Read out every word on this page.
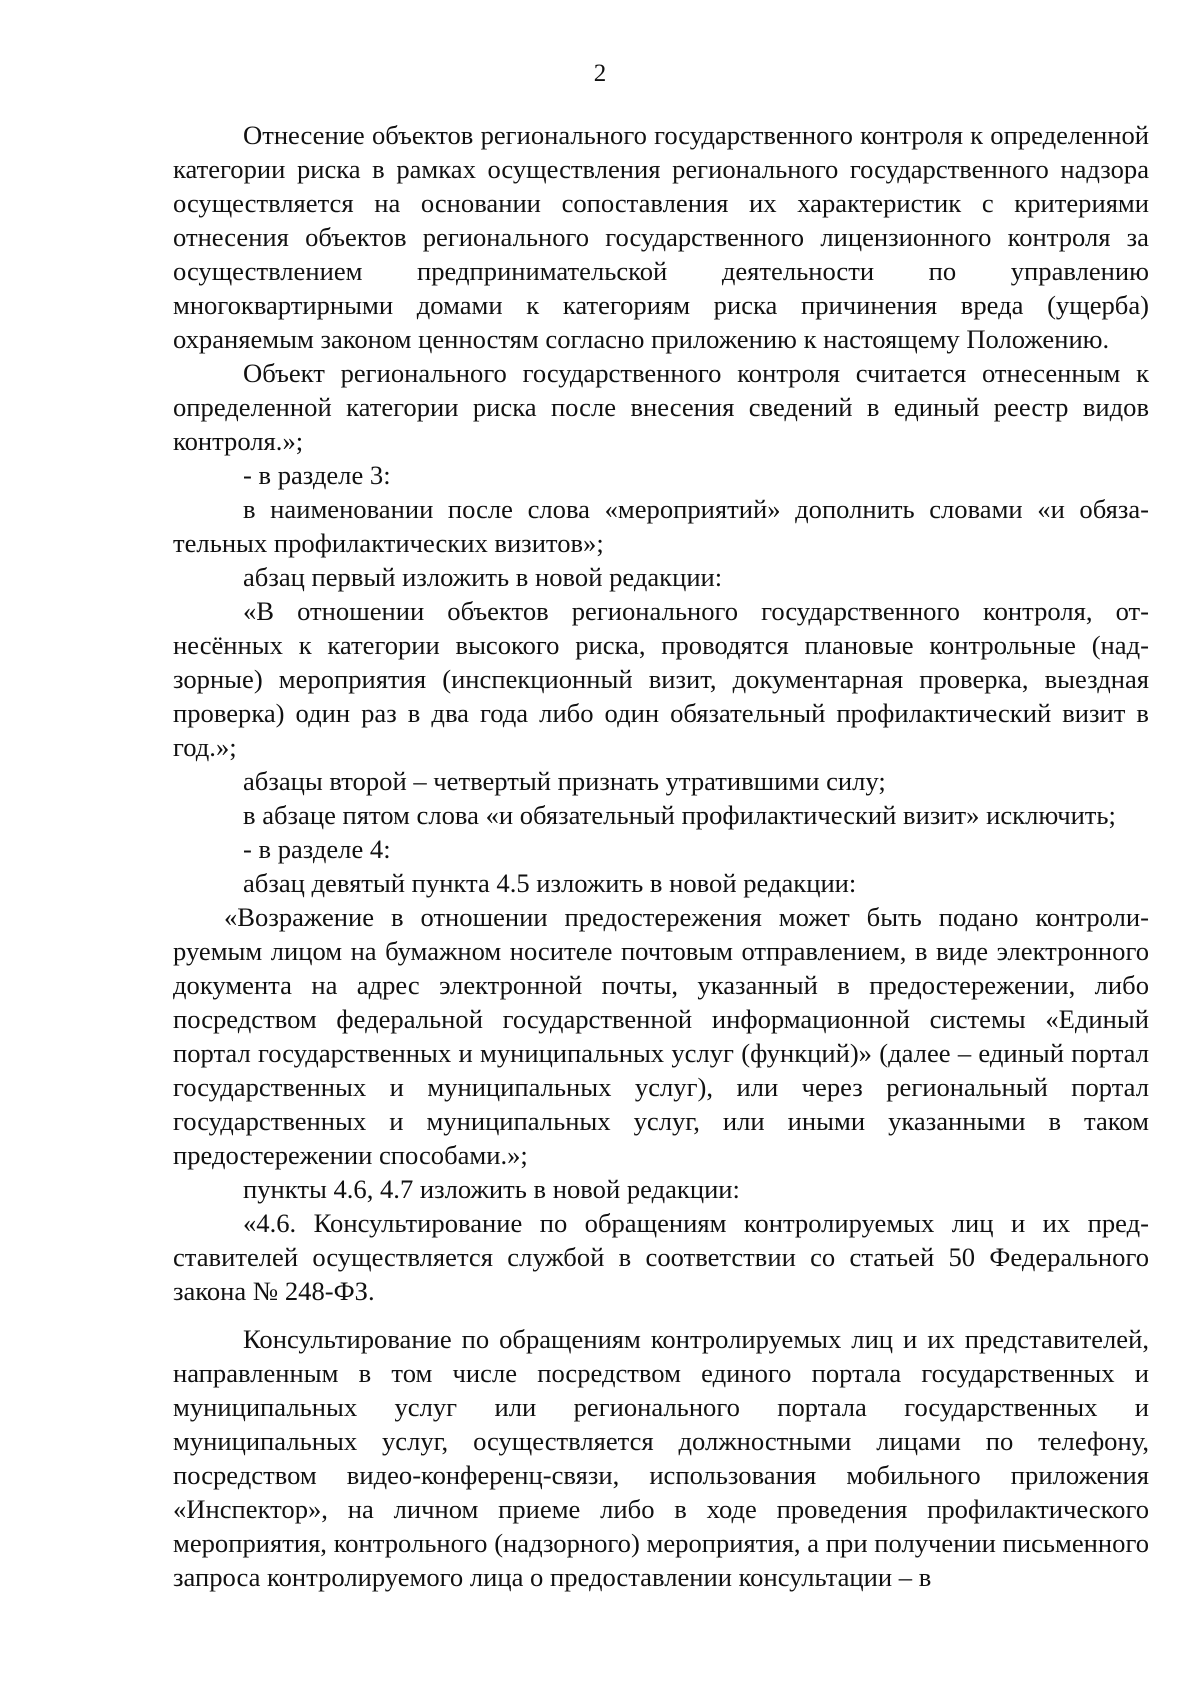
2

Отнесение объектов регионального государственного контроля к определенной категории риска в рамках осуществления регионального государственного надзора осуществляется на основании сопоставления их характеристик с критериями отнесения объектов регионального государственного лицензионного контроля за осуществлением предпринимательской деятельности по управлению многоквартирными домами к категориям риска причинения вреда (ущерба) охраняемым законом ценностям согласно приложению к настоящему Положению.

Объект регионального государственного контроля считается отнесенным к определенной категории риска после внесения сведений в единый реестр видов контроля.»;

- в разделе 3:

в наименовании после слова «мероприятий» дополнить словами «и обязательных профилактических визитов»;

абзац первый изложить в новой редакции:

«В отношении объектов регионального государственного контроля, отнесённых к категории высокого риска, проводятся плановые контрольные (надзорные) мероприятия (инспекционный визит, документарная проверка, выездная проверка) один раз в два года либо один обязательный профилактический визит в год.»;

абзацы второй – четвертый признать утратившими силу;

в абзаце пятом слова «и обязательный профилактический визит» исключить;

- в разделе 4:

абзац девятый пункта 4.5 изложить в новой редакции:

«Возражение в отношении предостережения может быть подано контролируемым лицом на бумажном носителе почтовым отправлением, в виде электронного документа на адрес электронной почты, указанный в предостережении, либо посредством федеральной государственной информационной системы «Единый портал государственных и муниципальных услуг (функций)» (далее – единый портал государственных и муниципальных услуг), или через региональный портал государственных и муниципальных услуг, или иными указанными в таком предостережении способами.»;

пункты 4.6, 4.7 изложить в новой редакции:

«4.6. Консультирование по обращениям контролируемых лиц и их представителей осуществляется службой в соответствии со статьей 50 Федерального закона № 248-ФЗ.

Консультирование по обращениям контролируемых лиц и их представителей, направленным в том числе посредством единого портала государственных и муниципальных услуг или регионального портала государственных и муниципальных услуг, осуществляется должностными лицами по телефону, посредством видео-конференц-связи, использования мобильного приложения «Инспектор», на личном приеме либо в ходе проведения профилактического мероприятия, контрольного (надзорного) мероприятия, а при получении письменного запроса контролируемого лица о предоставлении консультации – в
